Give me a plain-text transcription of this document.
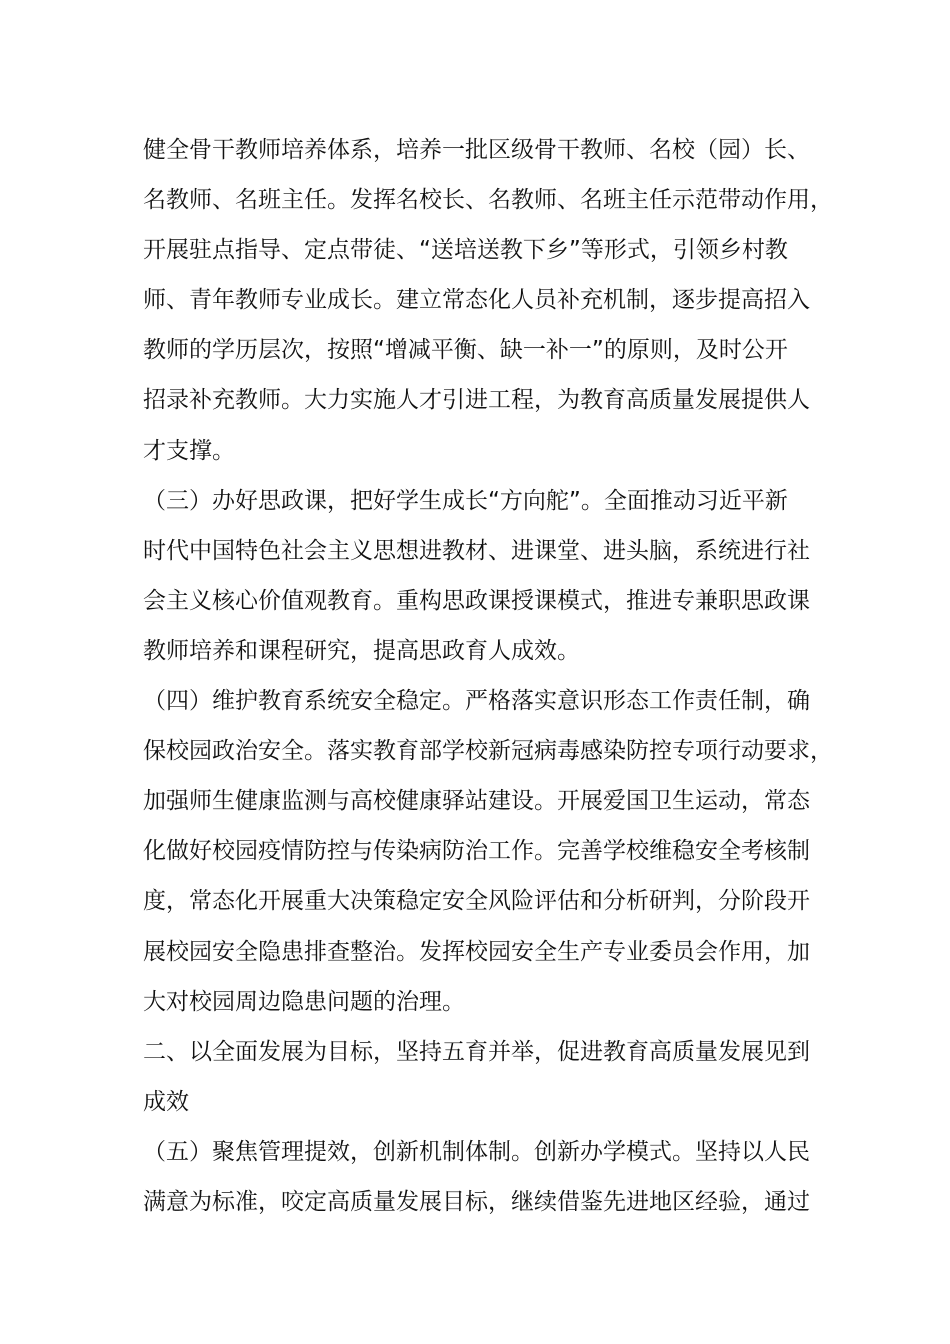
健全骨干教师培养体系，培养一批区级骨干教师、名校（园）长、
名教师、名班主任。发挥名校长、名教师、名班主任示范带动作用，
开展驻点指导、定点带徒、“送培送教下乡”等形式，引领乡村教
师、青年教师专业成长。建立常态化人员补充机制，逐步提高招入
教师的学历层次，按照“增减平衡、缺一补一”的原则，及时公开
招录补充教师。大力实施人才引进工程，为教育高质量发展提供人
才支撑。
（三）办好思政课，把好学生成长“方向舵”。全面推动习近平新
时代中国特色社会主义思想进教材、进课堂、进头脑，系统进行社
会主义核心价值观教育。重构思政课授课模式，推进专兼职思政课
教师培养和课程研究，提高思政育人成效。
（四）维护教育系统安全稳定。严格落实意识形态工作责任制，确
保校园政治安全。落实教育部学校新冠病毒感染防控专项行动要求，
加强师生健康监测与高校健康驿站建设。开展爱国卫生运动，常态
化做好校园疫情防控与传染病防治工作。完善学校维稳安全考核制
度，常态化开展重大决策稳定安全风险评估和分析研判，分阶段开
展校园安全隐患排查整治。发挥校园安全生产专业委员会作用，加
大对校园周边隐患问题的治理。
二、以全面发展为目标，坚持五育并举，促进教育高质量发展见到
成效
（五）聚焦管理提效，创新机制体制。创新办学模式。坚持以人民
满意为标准，咬定高质量发展目标，继续借鉴先进地区经验，通过
